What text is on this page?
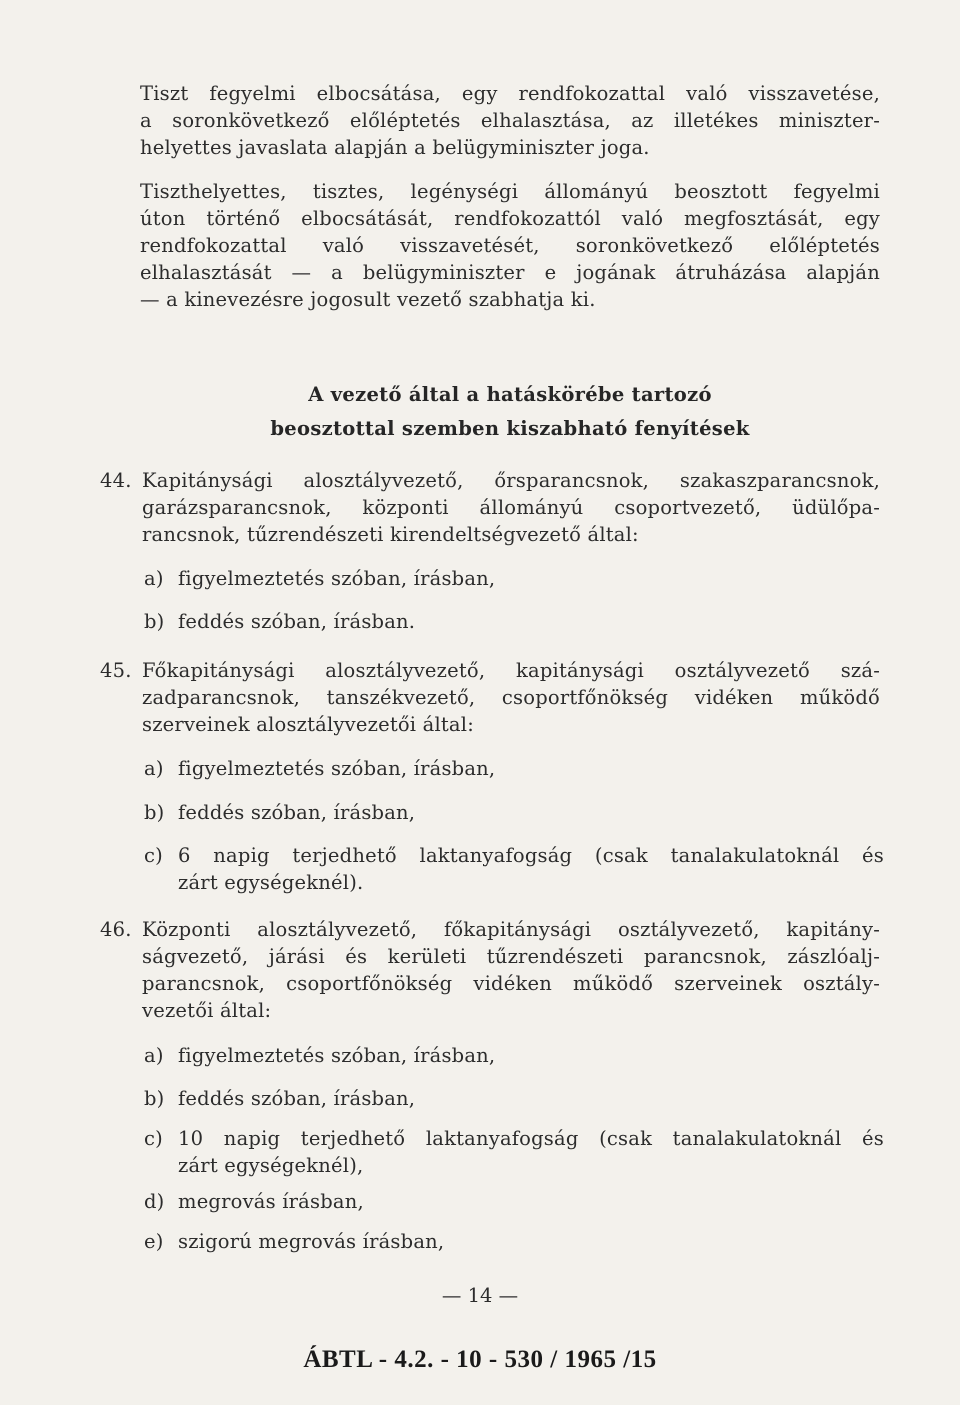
Tiszt fegyelmi elbocsátása, egy rendfokozattal való visszavetése,
a soronkövetkező előléptetés elhalasztása, az illetékes miniszter-
helyettes javaslata alapján a belügyminiszter joga.
Tiszthelyettes, tisztes, legénységi állományú beosztott fegyelmi
úton történő elbocsátását, rendfokozattól való megfosztását, egy
rendfokozattal való visszavetését, soronkövetkező előléptetés
elhalasztását — a belügyminiszter e jogának átruházása alapján
— a kinevezésre jogosult vezető szabhatja ki.
A vezető által a hatáskörébe tartozó
beosztottal szemben kiszabható fenyítések
44. Kapitánysági alosztályvezető, őrsparancsnok, szakaszparancsnok,
garázsparancsnok, központi állományú csoportvezető, üdülőpa-
rancsnok, tűzrendészeti kirendeltségvezető által:
a) figyelmeztetés szóban, írásban,
b) feddés szóban, írásban.
45. Főkapitánysági alosztályvezető, kapitánysági osztályvezető szá-
zadparancsnok, tanszékvezető, csoportfőnökség vidéken működő
szerveinek alosztályvezetői által:
a) figyelmeztetés szóban, írásban,
b) feddés szóban, írásban,
c) 6 napig terjedhető laktanyafogság (csak tanalakulatoknál és
zárt egységeknél).
46. Központi alosztályvezető, főkapitánysági osztályvezető, kapitány-
ságvezető, járási és kerületi tűzrendészeti parancsnok, zászlóalj-
parancsnok, csoportfőnökség vidéken működő szerveinek osztály-
vezetői által:
a) figyelmeztetés szóban, írásban,
b) feddés szóban, írásban,
c) 10 napig terjedhető laktanyafogság (csak tanalakulatoknál és
zárt egységeknél),
d) megrovás írásban,
e) szigorú megrovás írásban,
— 14 —
ÁBTL - 4.2. - 10 - 530 / 1965 /15
